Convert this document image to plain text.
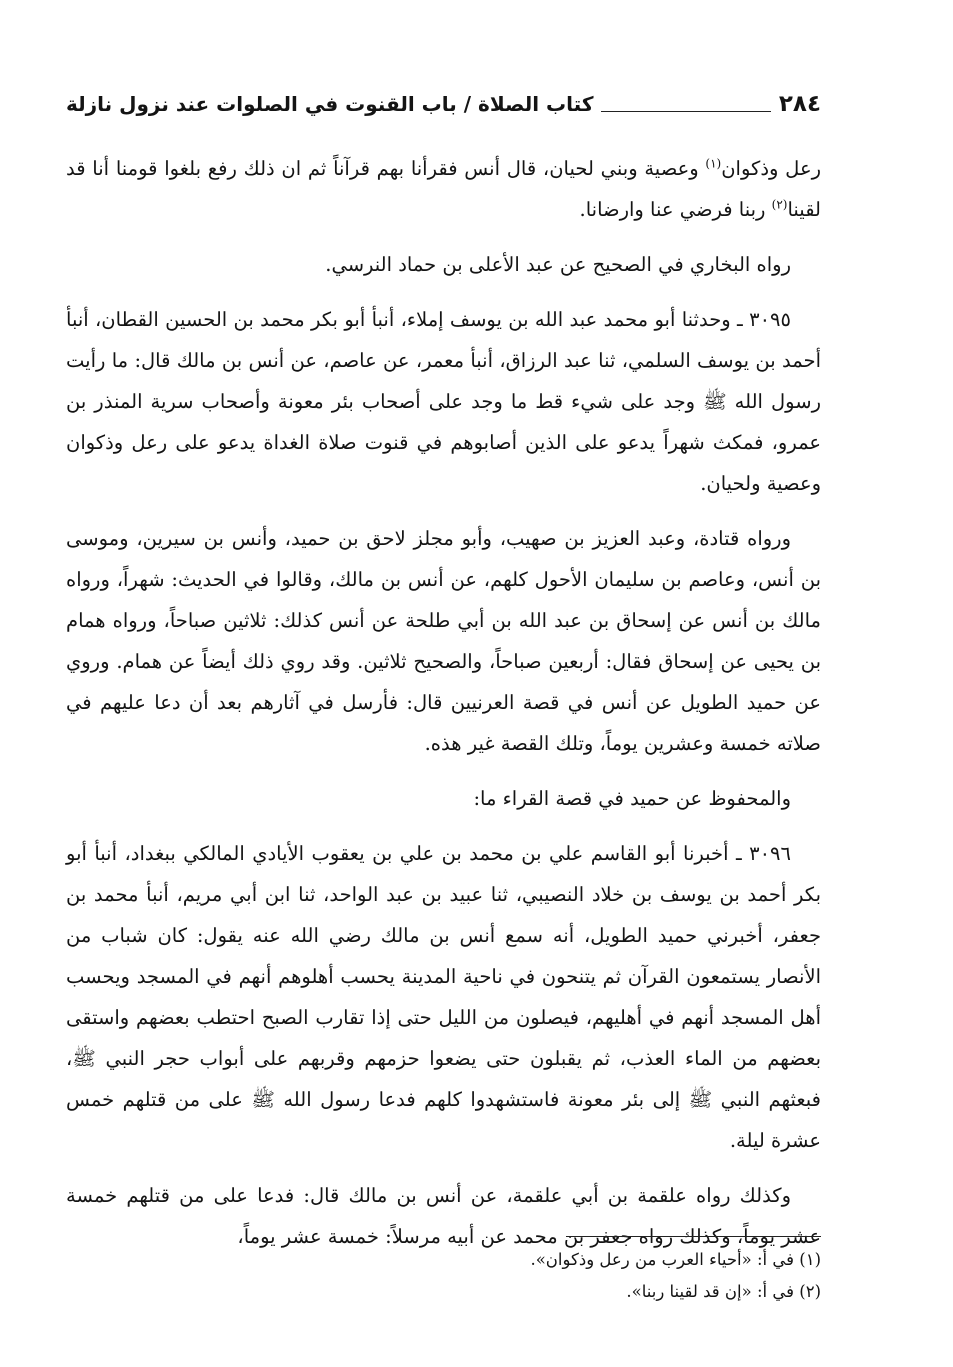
٢٨٤
كتاب الصلاة / باب القنوت في الصلوات عند نزول نازلة

رعل وذكوان$^{(١)}$ وعصية وبني لحيان، قال أنس فقرأنا بهم قرآناً ثم ان ذلك رفع بلغوا قومنا أنا قد لقينا$^{(٢)}$ ربنا فرضي عنا وارضانا.

رواه البخاري في الصحيح عن عبد الأعلى بن حماد النرسي.

٣٠٩٥ ـ وحدثنا أبو محمد عبد الله بن يوسف إملاء، أنبأ أبو بكر محمد بن الحسين القطان، أنبأ أحمد بن يوسف السلمي، ثنا عبد الرزاق، أنبأ معمر، عن عاصم، عن أنس بن مالك قال: ما رأيت رسول الله ﷺ وجد على شيء قط ما وجد على أصحاب بئر معونة وأصحاب سرية المنذر بن عمرو، فمكث شهراً يدعو على الذين أصابوهم في قنوت صلاة الغداة يدعو على رعل وذكوان وعصية ولحيان.

ورواه قتادة، وعبد العزيز بن صهيب، وأبو مجلز لاحق بن حميد، وأنس بن سيرين، وموسى بن أنس، وعاصم بن سليمان الأحول كلهم، عن أنس بن مالك، وقالوا في الحديث: شهراً، ورواه مالك بن أنس عن إسحاق بن عبد الله بن أبي طلحة عن أنس كذلك: ثلاثين صباحاً، ورواه همام بن يحيى عن إسحاق فقال: أربعين صباحاً، والصحيح ثلاثين. وقد روي ذلك أيضاً عن همام. وروي عن حميد الطويل عن أنس في قصة العرنيين قال: فأرسل في آثارهم بعد أن دعا عليهم في صلاته خمسة وعشرين يوماً، وتلك القصة غير هذه.

والمحفوظ عن حميد في قصة القراء ما:

٣٠٩٦ ـ أخبرنا أبو القاسم علي بن محمد بن علي بن يعقوب الأيادي المالكي ببغداد، أنبأ أبو بكر أحمد بن يوسف بن خلاد النصيبي، ثنا عبيد بن عبد الواحد، ثنا ابن أبي مريم، أنبأ محمد بن جعفر، أخبرني حميد الطويل، أنه سمع أنس بن مالك رضي الله عنه يقول: كان شباب من الأنصار يستمعون القرآن ثم يتنحون في ناحية المدينة يحسب أهلوهم أنهم في المسجد ويحسب أهل المسجد أنهم في أهليهم، فيصلون من الليل حتى إذا تقارب الصبح احتطب بعضهم واستقى بعضهم من الماء العذب، ثم يقبلون حتى يضعوا حزمهم وقربهم على أبواب حجر النبي ﷺ، فبعثهم النبي ﷺ إلى بئر معونة فاستشهدوا كلهم فدعا رسول الله ﷺ على من قتلهم خمس عشرة ليلة.

وكذلك رواه علقمة بن أبي علقمة، عن أنس بن مالك قال: فدعا على من قتلهم خمسة عشر يوماً، وكذلك رواه جعفر بن محمد عن أبيه مرسلاً: خمسة عشر يوماً،

(١) في أ: «أحياء العرب من رعل وذكوان».
(٢) في أ: «إن قد لقينا ربنا».
